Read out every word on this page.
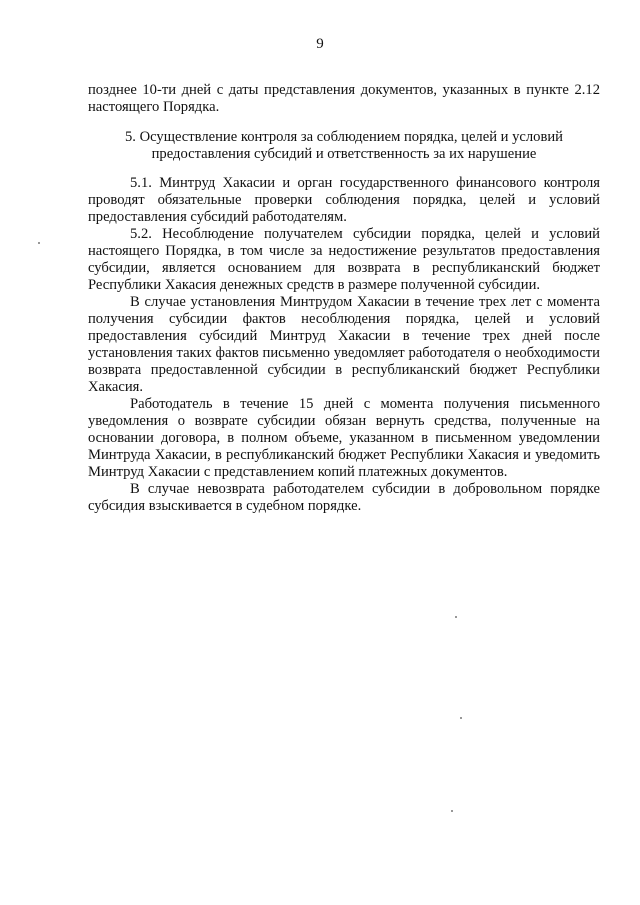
9

позднее 10-ти дней с даты представления документов, указанных в пункте 2.12 настоящего Порядка.

5. Осуществление контроля за соблюдением порядка, целей и условий предоставления субсидий и ответственность за их нарушение

5.1. Минтруд Хакасии и орган государственного финансового контроля проводят обязательные проверки соблюдения порядка, целей и условий предоставления субсидий работодателям.

5.2. Несоблюдение получателем субсидии порядка, целей и условий настоящего Порядка, в том числе за недостижение результатов предоставления субсидии, является основанием для возврата в республиканский бюджет Республики Хакасия денежных средств в размере полученной субсидии.

В случае установления Минтрудом Хакасии в течение трех лет с момента получения субсидии фактов несоблюдения порядка, целей и условий предоставления субсидий Минтруд Хакасии в течение трех дней после установления таких фактов письменно уведомляет работодателя о необходимости возврата предоставленной субсидии в республиканский бюджет Республики Хакасия.

Работодатель в течение 15 дней с момента получения письменного уведомления о возврате субсидии обязан вернуть средства, полученные на основании договора, в полном объеме, указанном в письменном уведомлении Минтруда Хакасии, в республиканский бюджет Республики Хакасия и уведомить Минтруд Хакасии с представлением копий платежных документов.

В случае невозврата работодателем субсидии в добровольном порядке субсидия взыскивается в судебном порядке.
